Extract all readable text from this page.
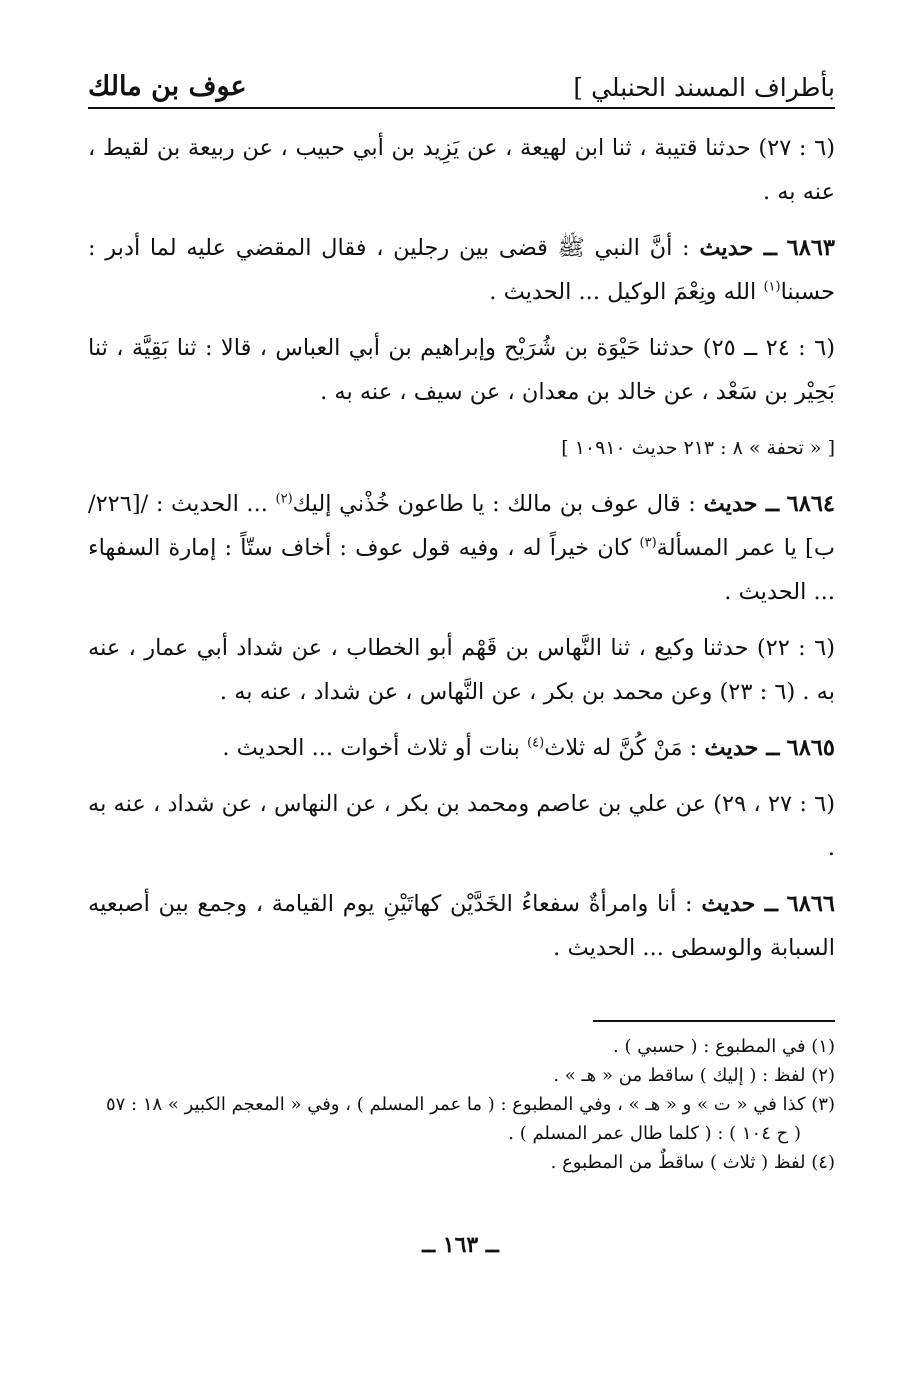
بأطراف المسند الحنبلي ]
عوف بن مالك

(٦ : ٢٧) حدثنا قتيبة ، ثنا ابن لهيعة ، عن يَزِيد بن أبي حبيب ، عن ربيعة بن لقيط ، عنه به .

٦٨٦٣ ــ حديث : أنَّ النبي ﷺ قضى بين رجلين ، فقال المقضي عليه لما أدبر : حسبنا$^{(١)}$ الله ونِعْمَ الوكيل ... الحديث .

(٦ : ٢٤ ــ ٢٥) حدثنا حَيْوَة بن شُرَيْح وإبراهيم بن أبي العباس ، قالا : ثنا بَقِيَّة ، ثنا بَحِيْر بن سَعْد ، عن خالد بن معدان ، عن سيف ، عنه به .

[ « تحفة » ٨ : ٢١٣ حديث ١٠٩١٠ ]

٦٨٦٤ ــ حديث : قال عوف بن مالك : يا طاعون خُذْني إليك$^{(٢)}$ ... الحديث : /[٢٢٦/ب] يا عمر المسألة$^{(٣)}$ كان خيراً له ، وفيه قول عوف : أخاف ستّاً : إمارة السفهاء ... الحديث .

(٦ : ٢٢) حدثنا وكيع ، ثنا النَّهاس بن قَهْم أبو الخطاب ، عن شداد أبي عمار ، عنه به . (٦ : ٢٣) وعن محمد بن بكر ، عن النَّهاس ، عن شداد ، عنه به .

٦٨٦٥ ــ حديث : مَنْ كُنَّ له ثلاث$^{(٤)}$ بنات أو ثلاث أخوات ... الحديث .

(٦ : ٢٧ ، ٢٩) عن علي بن عاصم ومحمد بن بكر ، عن النهاس ، عن شداد ، عنه به .

٦٨٦٦ ــ حديث : أنا وامرأةٌ سفعاءُ الخَدَّيْن كهاتَيْنِ يوم القيامة ، وجمع بين أصبعيه السبابة والوسطى ... الحديث .

(١) في المطبوع : ( حسبي ) .

(٢) لفظ : ( إليك ) ساقط من « هـ » .

(٣) كذا في « ت » و « هـ » ، وفي المطبوع : ( ما عمر المسلم ) ، وفي « المعجم الكبير » ١٨ : ٥٧

( ح ١٠٤ ) : ( كلما طال عمر المسلم ) .

(٤) لفظ ( ثلاث ) ساقطٌ من المطبوع .

ــ ١٦٣ ــ
